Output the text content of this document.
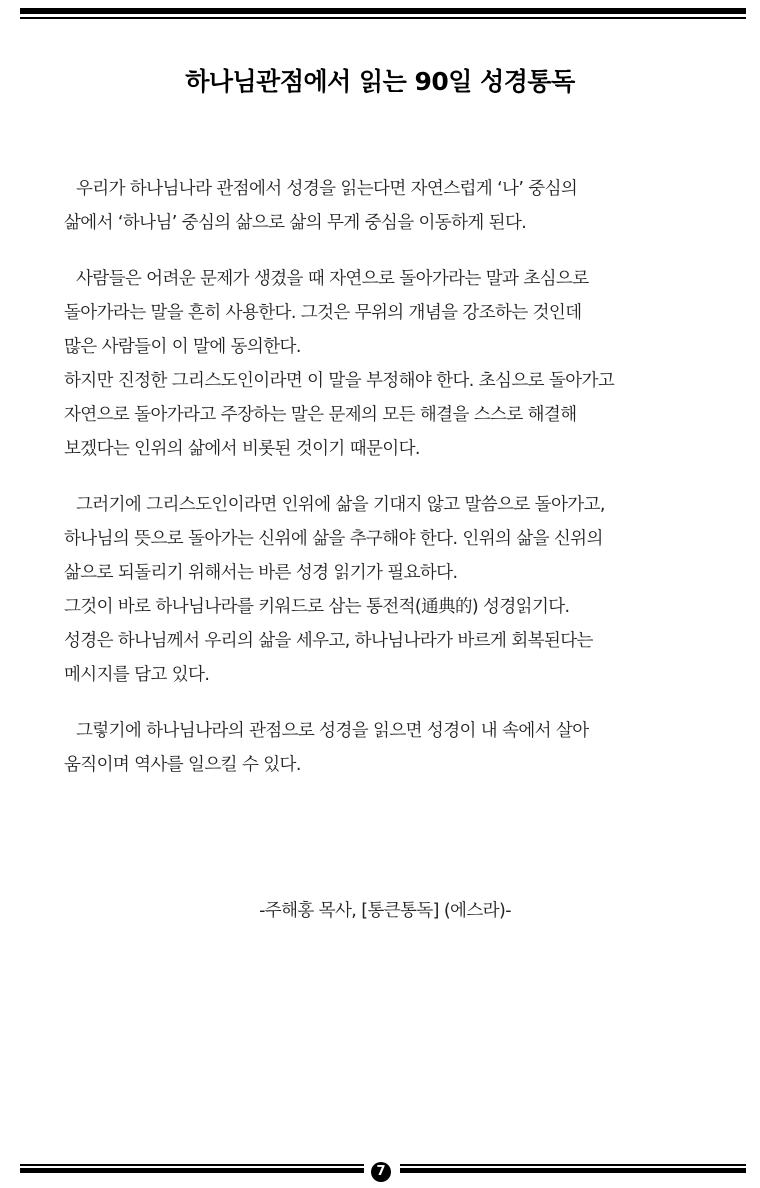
하나님관점에서 읽는 90일 성경통독
우리가 하나님나라 관점에서 성경을 읽는다면 자연스럽게 ‘나’ 중심의
삶에서 ‘하나님’ 중심의 삶으로 삶의 무게 중심을 이동하게 된다.
사람들은 어려운 문제가 생겼을 때 자연으로 돌아가라는 말과 초심으로
돌아가라는 말을 흔히 사용한다. 그것은 무위의 개념을 강조하는 것인데
많은 사람들이 이 말에 동의한다.
하지만 진정한 그리스도인이라면 이 말을 부정해야 한다. 초심으로 돌아가고
자연으로 돌아가라고 주장하는 말은 문제의 모든 해결을 스스로 해결해
보겠다는 인위의 삶에서 비롯된 것이기 때문이다.
그러기에 그리스도인이라면 인위에 삶을 기대지 않고 말씀으로 돌아가고,
하나님의 뜻으로 돌아가는 신위에 삶을 추구해야 한다. 인위의 삶을 신위의
삶으로 되돌리기 위해서는 바른 성경 읽기가 필요하다.
그것이 바로 하나님나라를 키워드로 삼는 통전적(通典的) 성경읽기다.
성경은 하나님께서 우리의 삶을 세우고, 하나님나라가 바르게 회복된다는
메시지를 담고 있다.
그렇기에 하나님나라의 관점으로 성경을 읽으면 성경이 내 속에서 살아
움직이며 역사를 일으킬 수 있다.
-주해홍 목사, [통큰통독] (에스라)-
7
